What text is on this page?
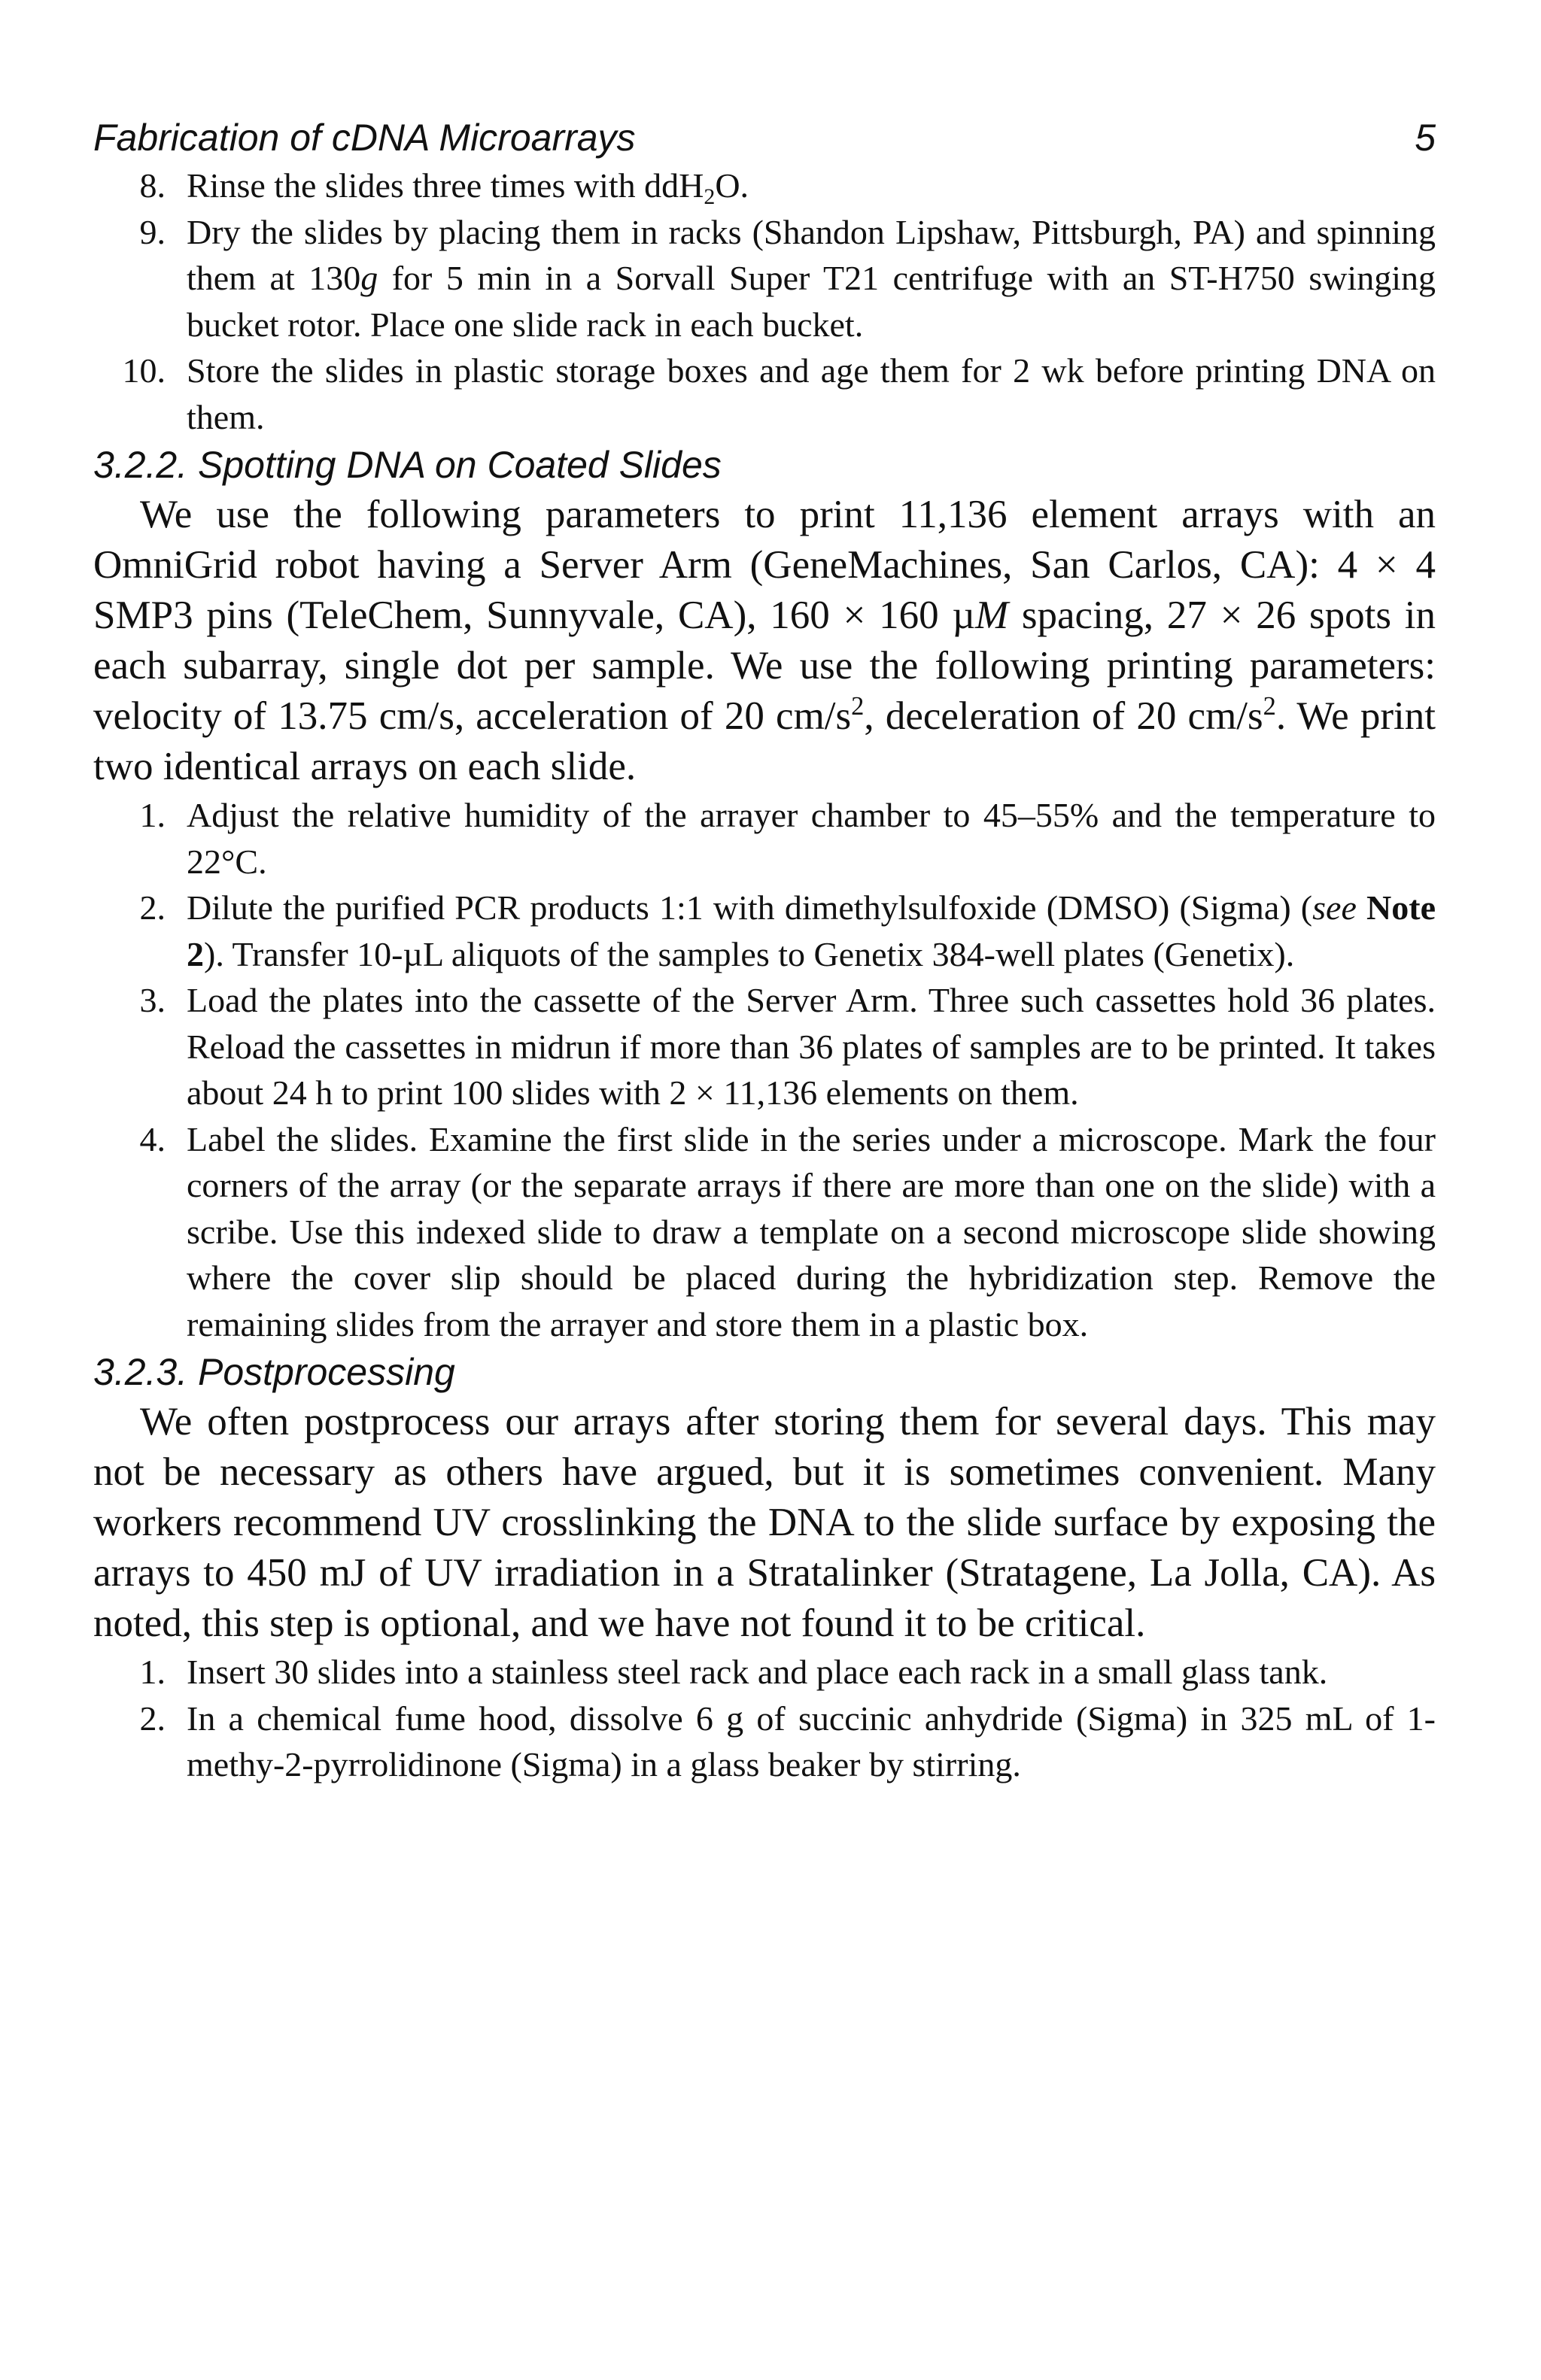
Fabrication of cDNA Microarrays	5
8. Rinse the slides three times with ddH$_2$O.
9. Dry the slides by placing them in racks (Shandon Lipshaw, Pittsburgh, PA) and spinning them at 130g for 5 min in a Sorvall Super T21 centrifuge with an ST-H750 swinging bucket rotor. Place one slide rack in each bucket.
10. Store the slides in plastic storage boxes and age them for 2 wk before printing DNA on them.
3.2.2. Spotting DNA on Coated Slides

We use the following parameters to print 11,136 element arrays with an OmniGrid robot having a Server Arm (GeneMachines, San Carlos, CA): 4 × 4 SMP3 pins (TeleChem, Sunnyvale, CA), 160 × 160 µM spacing, 27 × 26 spots in each subarray, single dot per sample. We use the following printing parameters: velocity of 13.75 cm/s, acceleration of 20 $cm/s^2$, deceleration of 20 $cm/s^2$. We print two identical arrays on each slide.

1. Adjust the relative humidity of the arrayer chamber to 45–55% and the temperature to 22°C.
2. Dilute the purified PCR products 1:1 with dimethylsulfoxide (DMSO) (Sigma) (see Note 2). Transfer 10-µL aliquots of the samples to Genetix 384-well plates (Genetix).
3. Load the plates into the cassette of the Server Arm. Three such cassettes hold 36 plates. Reload the cassettes in midrun if more than 36 plates of samples are to be printed. It takes about 24 h to print 100 slides with 2 × 11,136 elements on them.
4. Label the slides. Examine the first slide in the series under a microscope. Mark the four corners of the array (or the separate arrays if there are more than one on the slide) with a scribe. Use this indexed slide to draw a template on a second microscope slide showing where the cover slip should be placed during the hybridization step. Remove the remaining slides from the arrayer and store them in a plastic box.
3.2.3. Postprocessing

We often postprocess our arrays after storing them for several days. This may not be necessary as others have argued, but it is sometimes convenient. Many workers recommend UV crosslinking the DNA to the slide surface by exposing the arrays to 450 mJ of UV irradiation in a Stratalinker (Stratagene, La Jolla, CA). As noted, this step is optional, and we have not found it to be critical.

1. Insert 30 slides into a stainless steel rack and place each rack in a small glass tank.
2. In a chemical fume hood, dissolve 6 g of succinic anhydride (Sigma) in 325 mL of 1-methy-2-pyrrolidinone (Sigma) in a glass beaker by stirring.
